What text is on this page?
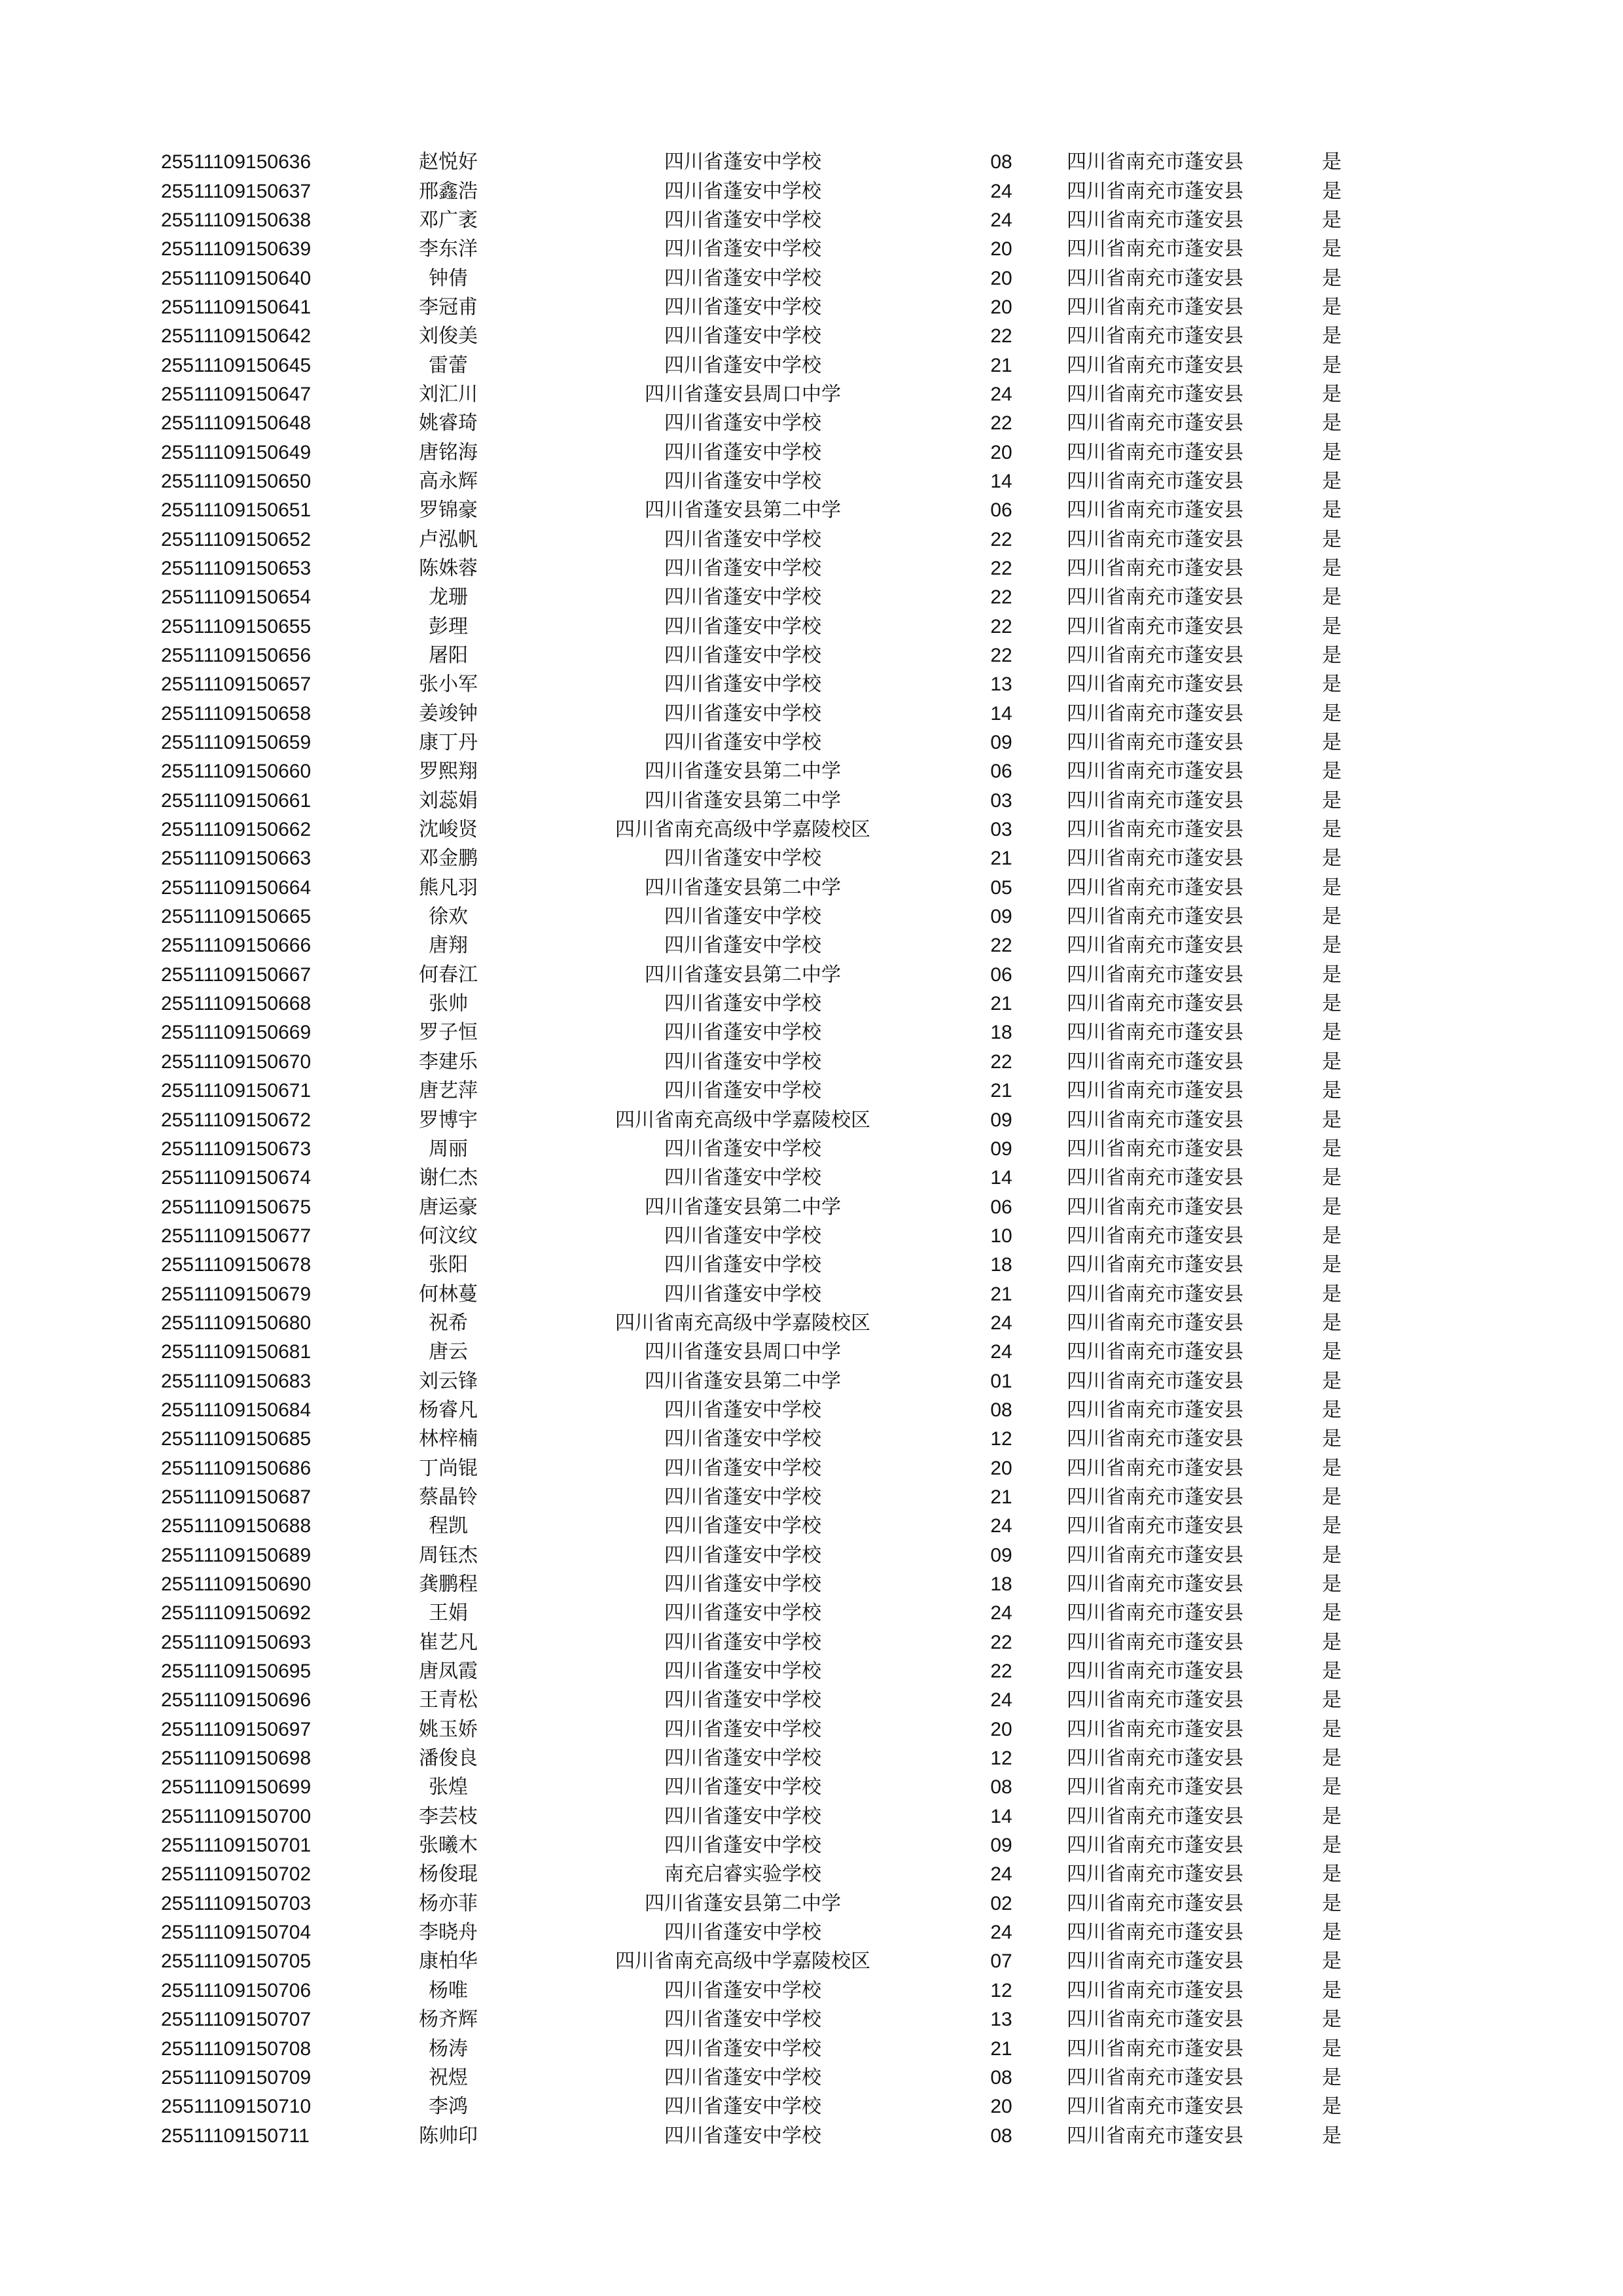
25511109150636	赵悦好	四川省蓬安中学校	08	四川省南充市蓬安县	是
25511109150637	邢鑫浩	四川省蓬安中学校	24	四川省南充市蓬安县	是
25511109150638	邓广袤	四川省蓬安中学校	24	四川省南充市蓬安县	是
25511109150639	李东洋	四川省蓬安中学校	20	四川省南充市蓬安县	是
25511109150640	钟倩	四川省蓬安中学校	20	四川省南充市蓬安县	是
25511109150641	李冠甫	四川省蓬安中学校	20	四川省南充市蓬安县	是
25511109150642	刘俊美	四川省蓬安中学校	22	四川省南充市蓬安县	是
25511109150645	雷蕾	四川省蓬安中学校	21	四川省南充市蓬安县	是
25511109150647	刘汇川	四川省蓬安县周口中学	24	四川省南充市蓬安县	是
25511109150648	姚睿琦	四川省蓬安中学校	22	四川省南充市蓬安县	是
25511109150649	唐铭海	四川省蓬安中学校	20	四川省南充市蓬安县	是
25511109150650	高永辉	四川省蓬安中学校	14	四川省南充市蓬安县	是
25511109150651	罗锦豪	四川省蓬安县第二中学	06	四川省南充市蓬安县	是
25511109150652	卢泓帆	四川省蓬安中学校	22	四川省南充市蓬安县	是
25511109150653	陈姝蓉	四川省蓬安中学校	22	四川省南充市蓬安县	是
25511109150654	龙珊	四川省蓬安中学校	22	四川省南充市蓬安县	是
25511109150655	彭理	四川省蓬安中学校	22	四川省南充市蓬安县	是
25511109150656	屠阳	四川省蓬安中学校	22	四川省南充市蓬安县	是
25511109150657	张小军	四川省蓬安中学校	13	四川省南充市蓬安县	是
25511109150658	姜竣钟	四川省蓬安中学校	14	四川省南充市蓬安县	是
25511109150659	康丁丹	四川省蓬安中学校	09	四川省南充市蓬安县	是
25511109150660	罗熙翔	四川省蓬安县第二中学	06	四川省南充市蓬安县	是
25511109150661	刘蕊娟	四川省蓬安县第二中学	03	四川省南充市蓬安县	是
25511109150662	沈峻贤	四川省南充高级中学嘉陵校区	03	四川省南充市蓬安县	是
25511109150663	邓金鹏	四川省蓬安中学校	21	四川省南充市蓬安县	是
25511109150664	熊凡羽	四川省蓬安县第二中学	05	四川省南充市蓬安县	是
25511109150665	徐欢	四川省蓬安中学校	09	四川省南充市蓬安县	是
25511109150666	唐翔	四川省蓬安中学校	22	四川省南充市蓬安县	是
25511109150667	何春江	四川省蓬安县第二中学	06	四川省南充市蓬安县	是
25511109150668	张帅	四川省蓬安中学校	21	四川省南充市蓬安县	是
25511109150669	罗子恒	四川省蓬安中学校	18	四川省南充市蓬安县	是
25511109150670	李建乐	四川省蓬安中学校	22	四川省南充市蓬安县	是
25511109150671	唐艺萍	四川省蓬安中学校	21	四川省南充市蓬安县	是
25511109150672	罗博宇	四川省南充高级中学嘉陵校区	09	四川省南充市蓬安县	是
25511109150673	周丽	四川省蓬安中学校	09	四川省南充市蓬安县	是
25511109150674	谢仁杰	四川省蓬安中学校	14	四川省南充市蓬安县	是
25511109150675	唐运豪	四川省蓬安县第二中学	06	四川省南充市蓬安县	是
25511109150677	何汶纹	四川省蓬安中学校	10	四川省南充市蓬安县	是
25511109150678	张阳	四川省蓬安中学校	18	四川省南充市蓬安县	是
25511109150679	何林蔓	四川省蓬安中学校	21	四川省南充市蓬安县	是
25511109150680	祝希	四川省南充高级中学嘉陵校区	24	四川省南充市蓬安县	是
25511109150681	唐云	四川省蓬安县周口中学	24	四川省南充市蓬安县	是
25511109150683	刘云锋	四川省蓬安县第二中学	01	四川省南充市蓬安县	是
25511109150684	杨睿凡	四川省蓬安中学校	08	四川省南充市蓬安县	是
25511109150685	林梓楠	四川省蓬安中学校	12	四川省南充市蓬安县	是
25511109150686	丁尚锟	四川省蓬安中学校	20	四川省南充市蓬安县	是
25511109150687	蔡晶铃	四川省蓬安中学校	21	四川省南充市蓬安县	是
25511109150688	程凯	四川省蓬安中学校	24	四川省南充市蓬安县	是
25511109150689	周钰杰	四川省蓬安中学校	09	四川省南充市蓬安县	是
25511109150690	龚鹏程	四川省蓬安中学校	18	四川省南充市蓬安县	是
25511109150692	王娟	四川省蓬安中学校	24	四川省南充市蓬安县	是
25511109150693	崔艺凡	四川省蓬安中学校	22	四川省南充市蓬安县	是
25511109150695	唐凤霞	四川省蓬安中学校	22	四川省南充市蓬安县	是
25511109150696	王青松	四川省蓬安中学校	24	四川省南充市蓬安县	是
25511109150697	姚玉娇	四川省蓬安中学校	20	四川省南充市蓬安县	是
25511109150698	潘俊良	四川省蓬安中学校	12	四川省南充市蓬安县	是
25511109150699	张煌	四川省蓬安中学校	08	四川省南充市蓬安县	是
25511109150700	李芸枝	四川省蓬安中学校	14	四川省南充市蓬安县	是
25511109150701	张曦木	四川省蓬安中学校	09	四川省南充市蓬安县	是
25511109150702	杨俊琨	南充启睿实验学校	24	四川省南充市蓬安县	是
25511109150703	杨亦菲	四川省蓬安县第二中学	02	四川省南充市蓬安县	是
25511109150704	李晓舟	四川省蓬安中学校	24	四川省南充市蓬安县	是
25511109150705	康柏华	四川省南充高级中学嘉陵校区	07	四川省南充市蓬安县	是
25511109150706	杨唯	四川省蓬安中学校	12	四川省南充市蓬安县	是
25511109150707	杨齐辉	四川省蓬安中学校	13	四川省南充市蓬安县	是
25511109150708	杨涛	四川省蓬安中学校	21	四川省南充市蓬安县	是
25511109150709	祝煜	四川省蓬安中学校	08	四川省南充市蓬安县	是
25511109150710	李鸿	四川省蓬安中学校	20	四川省南充市蓬安县	是
25511109150711	陈帅印	四川省蓬安中学校	08	四川省南充市蓬安县	是
